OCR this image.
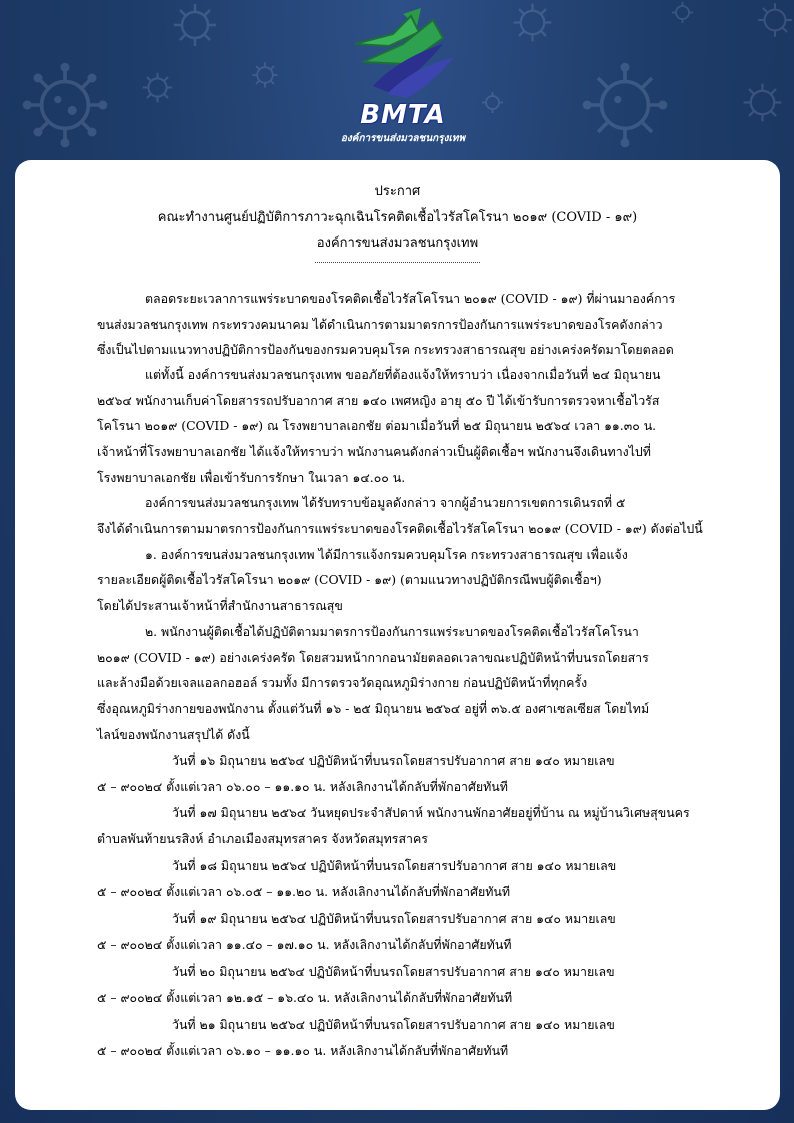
BMTA
องค์การขนส่งมวลชนกรุงเทพ
ประกาศ
คณะทำงานศูนย์ปฏิบัติการภาวะฉุกเฉินโรคติดเชื้อไวรัสโคโรนา ๒๐๑๙ (COVID - ๑๙)
องค์การขนส่งมวลชนกรุงเทพ
ตลอดระยะเวลาการแพร่ระบาดของโรคติดเชื้อไวรัสโคโรนา ๒๐๑๙ (COVID - ๑๙) ที่ผ่านมาองค์การ
ขนส่งมวลชนกรุงเทพ กระทรวงคมนาคม ได้ดำเนินการตามมาตรการป้องกันการแพร่ระบาดของโรคดังกล่าว
ซึ่งเป็นไปตามแนวทางปฏิบัติการป้องกันของกรมควบคุมโรค กระทรวงสาธารณสุข อย่างเคร่งครัดมาโดยตลอด
แต่ทั้งนี้ องค์การขนส่งมวลชนกรุงเทพ ขออภัยที่ต้องแจ้งให้ทราบว่า เนื่องจากเมื่อวันที่ ๒๔ มิถุนายน
๒๕๖๔ พนักงานเก็บค่าโดยสารรถปรับอากาศ สาย ๑๔๐ เพศหญิง อายุ ๕๐ ปี ได้เข้ารับการตรวจหาเชื้อไวรัส
โคโรนา ๒๐๑๙ (COVID - ๑๙) ณ โรงพยาบาลเอกชัย ต่อมาเมื่อวันที่ ๒๕ มิถุนายน ๒๕๖๔ เวลา ๑๑.๓๐ น.
เจ้าหน้าที่โรงพยาบาลเอกชัย ได้แจ้งให้ทราบว่า พนักงานคนดังกล่าวเป็นผู้ติดเชื้อฯ พนักงานจึงเดินทางไปที่
โรงพยาบาลเอกชัย เพื่อเข้ารับการรักษา ในเวลา ๑๔.๐๐ น.
องค์การขนส่งมวลชนกรุงเทพ ได้รับทราบข้อมูลดังกล่าว จากผู้อำนวยการเขตการเดินรถที่ ๕
จึงได้ดำเนินการตามมาตรการป้องกันการแพร่ระบาดของโรคติดเชื้อไวรัสโคโรนา ๒๐๑๙ (COVID - ๑๙) ดังต่อไปนี้
๑. องค์การขนส่งมวลชนกรุงเทพ ได้มีการแจ้งกรมควบคุมโรค กระทรวงสาธารณสุข เพื่อแจ้ง
รายละเอียดผู้ติดเชื้อไวรัสโคโรนา ๒๐๑๙ (COVID - ๑๙) (ตามแนวทางปฏิบัติกรณีพบผู้ติดเชื้อฯ)
โดยได้ประสานเจ้าหน้าที่สำนักงานสาธารณสุข
๒. พนักงานผู้ติดเชื้อได้ปฏิบัติตามมาตรการป้องกันการแพร่ระบาดของโรคติดเชื้อไวรัสโคโรนา
๒๐๑๙ (COVID - ๑๙) อย่างเคร่งครัด โดยสวมหน้ากากอนามัยตลอดเวลาขณะปฏิบัติหน้าที่บนรถโดยสาร
และล้างมือด้วยเจลแอลกอฮอล์ รวมทั้ง มีการตรวจวัดอุณหภูมิร่างกาย ก่อนปฏิบัติหน้าที่ทุกครั้ง
ซึ่งอุณหภูมิร่างกายของพนักงาน ตั้งแต่วันที่ ๑๖ - ๒๕ มิถุนายน ๒๕๖๔ อยู่ที่ ๓๖.๕ องศาเซลเซียส โดยไทม์
ไลน์ของพนักงานสรุปได้ ดังนี้
วันที่ ๑๖ มิถุนายน ๒๕๖๔ ปฏิบัติหน้าที่บนรถโดยสารปรับอากาศ สาย ๑๔๐ หมายเลข
๕ – ๙๐๐๒๔ ตั้งแต่เวลา ๐๖.๐๐ – ๑๑.๑๐ น. หลังเลิกงานได้กลับที่พักอาศัยทันที
วันที่ ๑๗ มิถุนายน ๒๕๖๔ วันหยุดประจำสัปดาห์ พนักงานพักอาศัยอยู่ที่บ้าน ณ หมู่บ้านวิเศษสุขนคร
ตำบลพันท้ายนรสิงห์ อำเภอเมืองสมุทรสาคร จังหวัดสมุทรสาคร
วันที่ ๑๘ มิถุนายน ๒๕๖๔ ปฏิบัติหน้าที่บนรถโดยสารปรับอากาศ สาย ๑๔๐ หมายเลข
๕ – ๙๐๐๒๔ ตั้งแต่เวลา ๐๖.๐๕ – ๑๑.๒๐ น. หลังเลิกงานได้กลับที่พักอาศัยทันที
วันที่ ๑๙ มิถุนายน ๒๕๖๔ ปฏิบัติหน้าที่บนรถโดยสารปรับอากาศ สาย ๑๔๐ หมายเลข
๕ – ๙๐๐๒๔ ตั้งแต่เวลา ๑๑.๔๐ – ๑๗.๑๐ น. หลังเลิกงานได้กลับที่พักอาศัยทันที
วันที่ ๒๐ มิถุนายน ๒๕๖๔ ปฏิบัติหน้าที่บนรถโดยสารปรับอากาศ สาย ๑๔๐ หมายเลข
๕ – ๙๐๐๒๔ ตั้งแต่เวลา ๑๒.๑๕ – ๑๖.๔๐ น. หลังเลิกงานได้กลับที่พักอาศัยทันที
วันที่ ๒๑ มิถุนายน ๒๕๖๔ ปฏิบัติหน้าที่บนรถโดยสารปรับอากาศ สาย ๑๔๐ หมายเลข
๕ – ๙๐๐๒๔ ตั้งแต่เวลา ๐๖.๑๐ – ๑๑.๑๐ น. หลังเลิกงานได้กลับที่พักอาศัยทันที
